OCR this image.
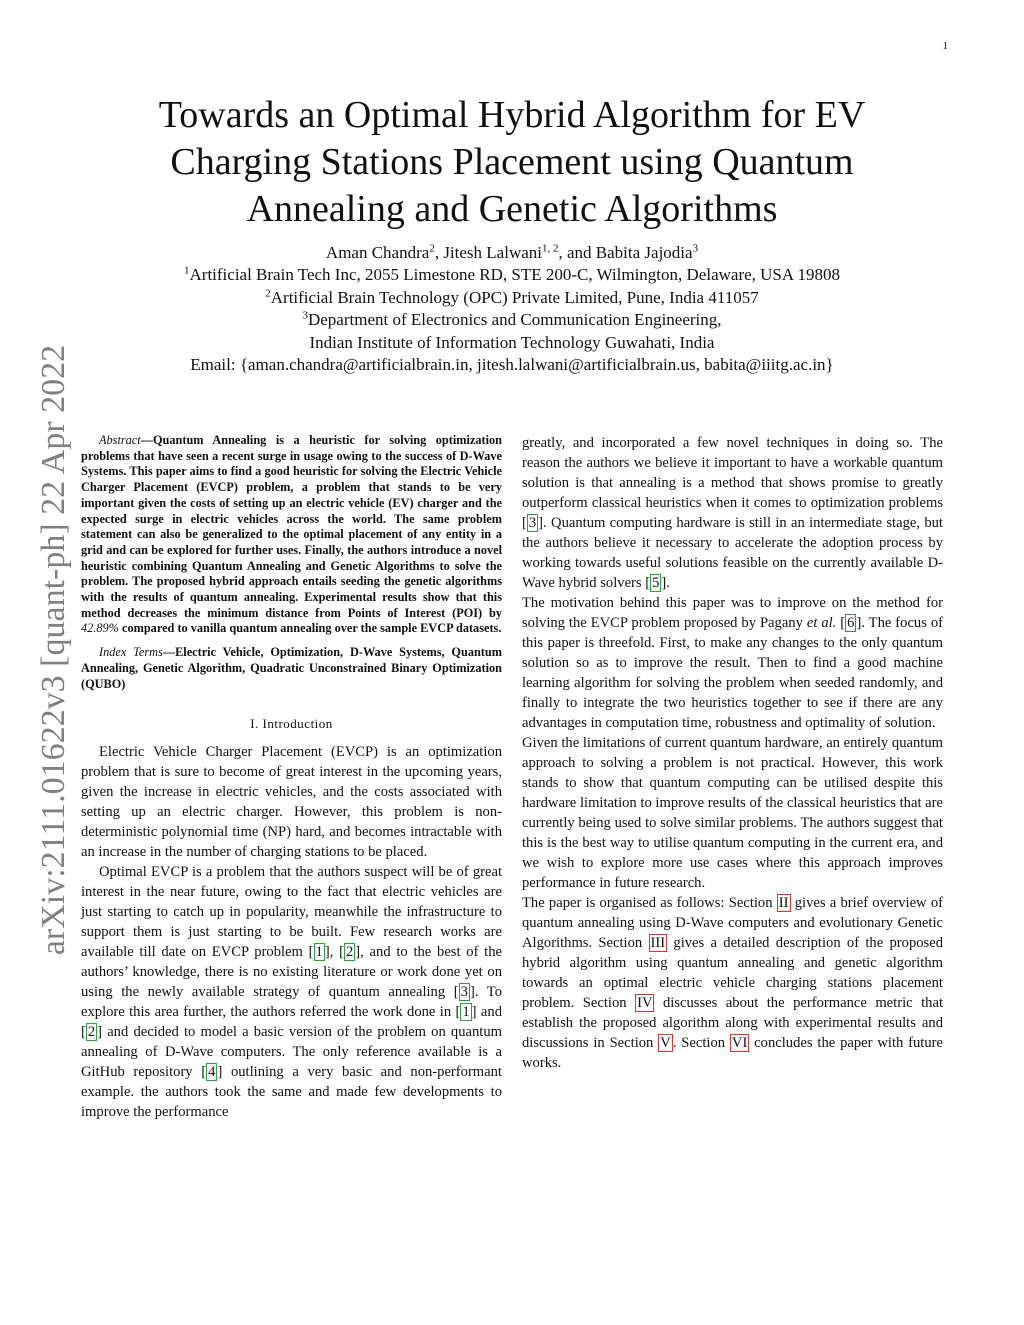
1
arXiv:2111.01622v3 [quant-ph] 22 Apr 2022
Towards an Optimal Hybrid Algorithm for EV
Charging Stations Placement using Quantum
Annealing and Genetic Algorithms
Aman Chandra$^2$, Jitesh Lalwani$^{1, 2}$, and Babita Jajodia$^3$
$^1$Artificial Brain Tech Inc, 2055 Limestone RD, STE 200-C, Wilmington, Delaware, USA 19808
$^2$Artificial Brain Technology (OPC) Private Limited, Pune, India 411057
$^3$Department of Electronics and Communication Engineering,
Indian Institute of Information Technology Guwahati, India
Email: {aman.chandra@artificialbrain.in, jitesh.lalwani@artificialbrain.us, babita@iiitg.ac.in}

Abstract—Quantum Annealing is a heuristic for solving optimization problems that have seen a recent surge in usage owing to the success of D-Wave Systems. This paper aims to find a good heuristic for solving the Electric Vehicle Charger Placement (EVCP) problem, a problem that stands to be very important given the costs of setting up an electric vehicle (EV) charger and the expected surge in electric vehicles across the world. The same problem statement can also be generalized to the optimal placement of any entity in a grid and can be explored for further uses. Finally, the authors introduce a novel heuristic combining Quantum Annealing and Genetic Algorithms to solve the problem. The proposed hybrid approach entails seeding the genetic algorithms with the results of quantum annealing. Experimental results show that this method decreases the minimum distance from Points of Interest (POI) by 42.89% compared to vanilla quantum annealing over the sample EVCP datasets.

Index Terms—Electric Vehicle, Optimization, D-Wave Systems, Quantum Annealing, Genetic Algorithm, Quadratic Unconstrained Binary Optimization (QUBO)

I. Introduction

Electric Vehicle Charger Placement (EVCP) is an optimization problem that is sure to become of great interest in the upcoming years, given the increase in electric vehicles, and the costs associated with setting up an electric charger. However, this problem is non-deterministic polynomial time (NP) hard, and becomes intractable with an increase in the number of charging stations to be placed.

Optimal EVCP is a problem that the authors suspect will be of great interest in the near future, owing to the fact that electric vehicles are just starting to catch up in popularity, meanwhile the infrastructure to support them is just starting to be built. Few research works are available till date on EVCP problem [ 1 ], [ 2 ], and to the best of the authors’ knowledge, there is no existing literature or work done yet on using the newly available strategy of quantum annealing [ 3 ]. To explore this area further, the authors referred the work done in [ 1 ] and [ 2 ] and decided to model a basic version of the problem on quantum annealing of D-Wave computers. The only reference available is a GitHub repository [ 4 ] outlining a very basic and non-performant example. the authors took the same and made few developments to improve the performance

greatly, and incorporated a few novel techniques in doing so. The reason the authors we believe it important to have a workable quantum solution is that annealing is a method that shows promise to greatly outperform classical heuristics when it comes to optimization problems [ 3 ]. Quantum computing hardware is still in an intermediate stage, but the authors believe it necessary to accelerate the adoption process by working towards useful solutions feasible on the currently available D-Wave hybrid solvers [ 5 ].

The motivation behind this paper was to improve on the method for solving the EVCP problem proposed by Pagany et al. [ 6 ]. The focus of this paper is threefold. First, to make any changes to the only quantum solution so as to improve the result. Then to find a good machine learning algorithm for solving the problem when seeded randomly, and finally to integrate the two heuristics together to see if there are any advantages in computation time, robustness and optimality of solution.

Given the limitations of current quantum hardware, an entirely quantum approach to solving a problem is not practical. However, this work stands to show that quantum computing can be utilised despite this hardware limitation to improve results of the classical heuristics that are currently being used to solve similar problems. The authors suggest that this is the best way to utilise quantum computing in the current era, and we wish to explore more use cases where this approach improves performance in future research.

The paper is organised as follows: Section II gives a brief overview of quantum annealing using D-Wave computers and evolutionary Genetic Algorithms. Section III gives a detailed description of the proposed hybrid algorithm using quantum annealing and genetic algorithm towards an optimal electric vehicle charging stations placement problem. Section IV discusses about the performance metric that establish the proposed algorithm along with experimental results and discussions in Section V . Section VI concludes the paper with future works.
